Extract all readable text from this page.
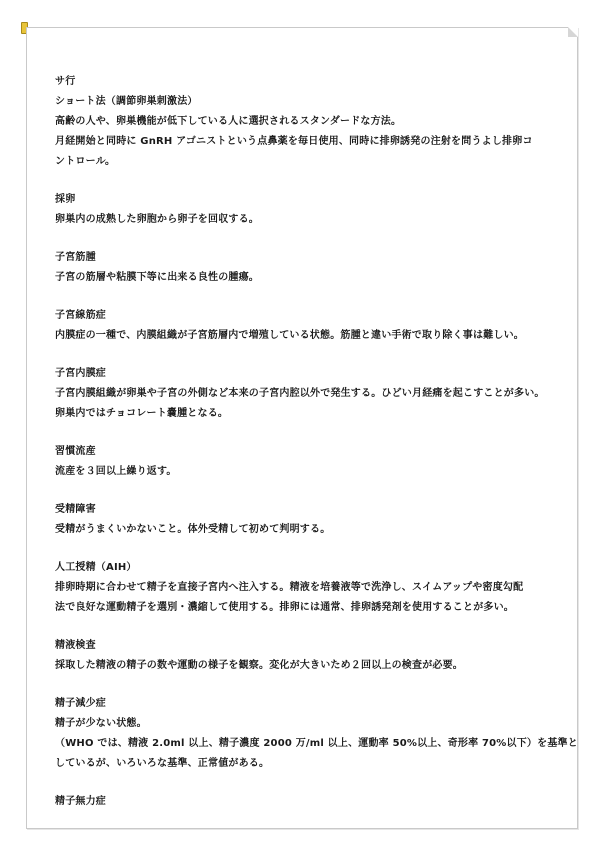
サ行
ショート法（調節卵巣刺激法）
高齢の人や、卵巣機能が低下している人に選択されるスタンダードな方法。
月経開始と同時に GnRH アゴニストという点鼻薬を毎日使用、同時に排卵誘発の注射を問うよし排卵コ
ントロール。
採卵
卵巣内の成熟した卵胞から卵子を回収する。
子宮筋腫
子宮の筋層や粘膜下等に出来る良性の腫瘍。
子宮線筋症
内膜症の一種で、内膜組織が子宮筋層内で増殖している状態。筋腫と違い手術で取り除く事は難しい。
子宮内膜症
子宮内膜組織が卵巣や子宮の外側など本来の子宮内腔以外で発生する。ひどい月経痛を起こすことが多い。
卵巣内ではチョコレート嚢腫となる。
習慣流産
流産を３回以上繰り返す。
受精障害
受精がうまくいかないこと。体外受精して初めて判明する。
人工授精（AIH）
排卵時期に合わせて精子を直接子宮内へ注入する。精液を培養液等で洗浄し、スイムアップや密度勾配
法で良好な運動精子を選別・濃縮して使用する。排卵には通常、排卵誘発剤を使用することが多い。
精液検査
採取した精液の精子の数や運動の様子を観察。変化が大きいため２回以上の検査が必要。
精子減少症
精子が少ない状態。
（WHO では、精液 2.0ml 以上、精子濃度 2000 万/ml 以上、運動率 50%以上、奇形率 70%以下）を基準と
しているが、いろいろな基準、正常値がある。
精子無力症
